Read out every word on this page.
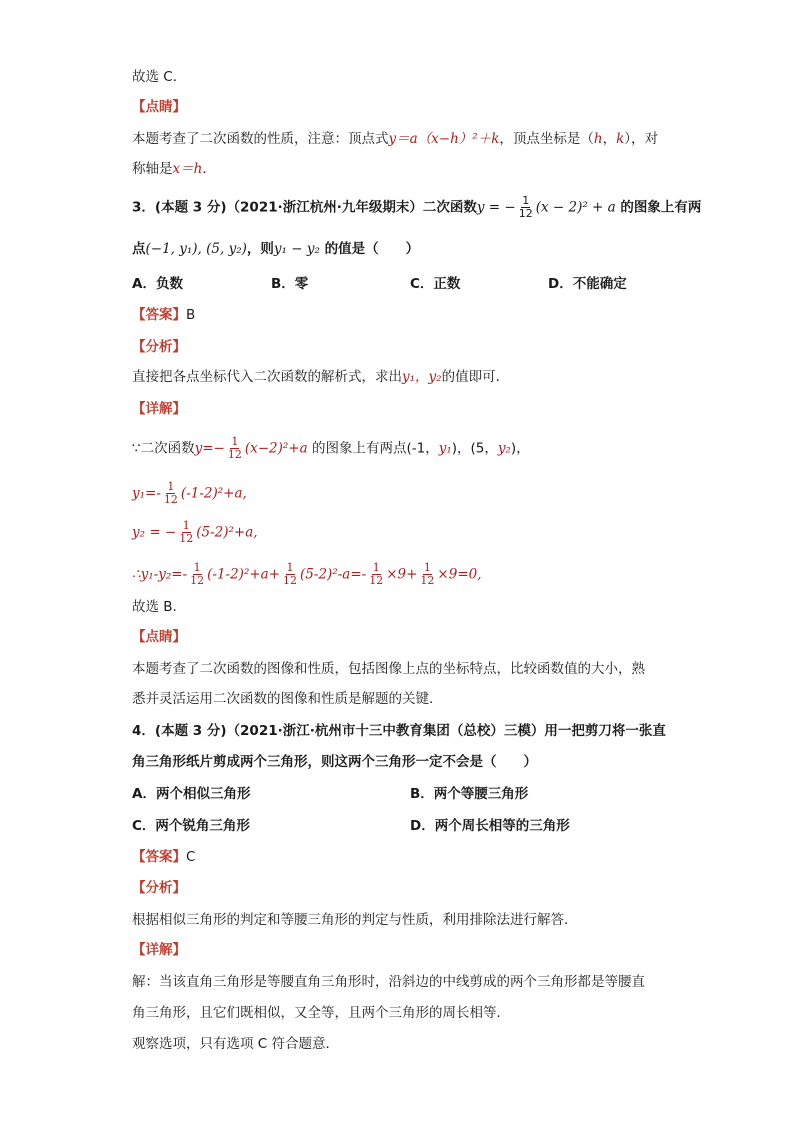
故选 C．
【点睛】
本题考查了二次函数的性质，注意：顶点式y＝a（x−h）²＋k，顶点坐标是（h，k），对
称轴是x＝h．
3．(本题 3 分)（2021·浙江杭州·九年级期末）二次函数y = − $\frac{1}{12} (x - 2)^2 + a$ 的图象上有两
点(−1, y₁), (5, y₂)，则y₁ − y₂ 的值是（　　）
A．负数	B．零	C．正数	D．不能确定
【答案】B
【分析】
直接把各点坐标代入二次函数的解析式，求出y₁，y₂的值即可.
【详解】
∵二次函数$y=- \frac{1}{12} (x-2)^2+a$ 的图象上有两点(-1，y₁)，(5，y₂)，
$y_1=- \frac{1}{12} (-1-2)^2+a$,
y₂ = − $\frac{1}{12} (5-2)^2+a$,
∴y₁-y₂=- $\frac{1}{12} (-1-2)^2+a+ \frac{1}{12} (5-2)^2-a=- \frac{1}{12} \times 9+ \frac{1}{12} \times 9=0$,
故选 B.
【点睛】
本题考查了二次函数的图像和性质，包括图像上点的坐标特点，比较函数值的大小，熟
悉并灵活运用二次函数的图像和性质是解题的关键.
4．(本题 3 分)（2021·浙江·杭州市十三中教育集团（总校）三模）用一把剪刀将一张直
角三角形纸片剪成两个三角形，则这两个三角形一定不会是（　　）
A．两个相似三角形	B．两个等腰三角形
C．两个锐角三角形	D．两个周长相等的三角形
【答案】C
【分析】
根据相似三角形的判定和等腰三角形的判定与性质，利用排除法进行解答．
【详解】
解：当该直角三角形是等腰直角三角形时，沿斜边的中线剪成的两个三角形都是等腰直
角三角形，且它们既相似，又全等，且两个三角形的周长相等．
观察选项，只有选项 C 符合题意．
